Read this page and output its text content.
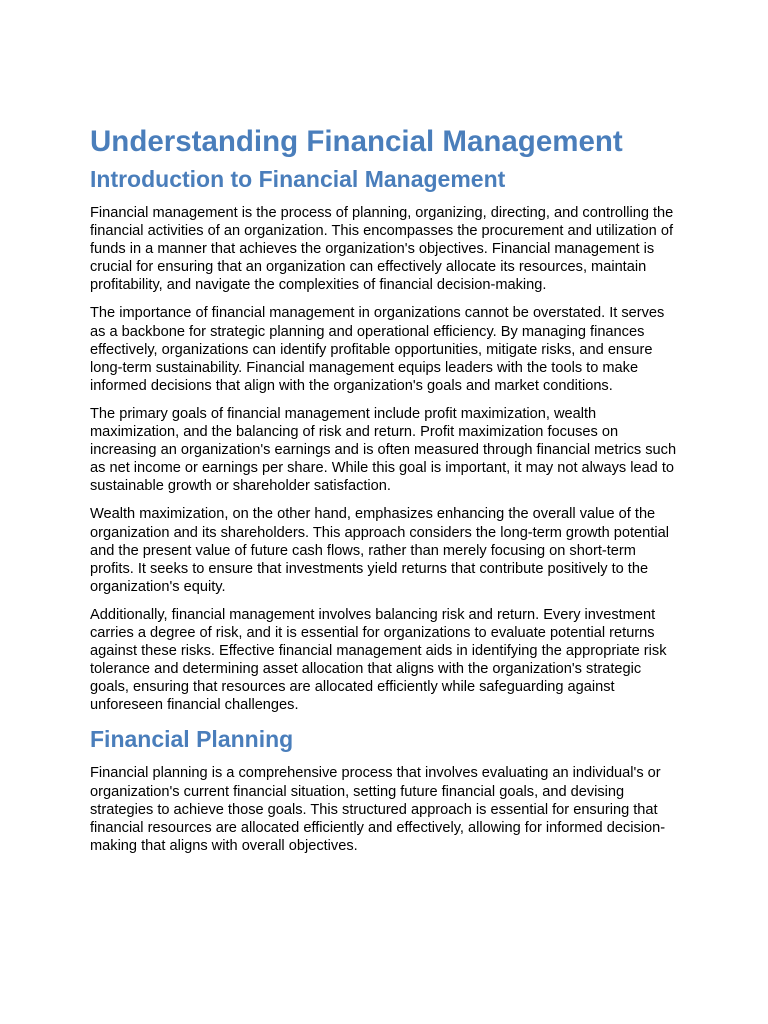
Understanding Financial Management
Introduction to Financial Management

Financial management is the process of planning, organizing, directing, and controlling the financial activities of an organization. This encompasses the procurement and utilization of funds in a manner that achieves the organization's objectives. Financial management is crucial for ensuring that an organization can effectively allocate its resources, maintain profitability, and navigate the complexities of financial decision-making.

The importance of financial management in organizations cannot be overstated. It serves as a backbone for strategic planning and operational efficiency. By managing finances effectively, organizations can identify profitable opportunities, mitigate risks, and ensure long-term sustainability. Financial management equips leaders with the tools to make informed decisions that align with the organization's goals and market conditions.

The primary goals of financial management include profit maximization, wealth maximization, and the balancing of risk and return. Profit maximization focuses on increasing an organization's earnings and is often measured through financial metrics such as net income or earnings per share. While this goal is important, it may not always lead to sustainable growth or shareholder satisfaction.

Wealth maximization, on the other hand, emphasizes enhancing the overall value of the organization and its shareholders. This approach considers the long-term growth potential and the present value of future cash flows, rather than merely focusing on short-term profits. It seeks to ensure that investments yield returns that contribute positively to the organization's equity.

Additionally, financial management involves balancing risk and return. Every investment carries a degree of risk, and it is essential for organizations to evaluate potential returns against these risks. Effective financial management aids in identifying the appropriate risk tolerance and determining asset allocation that aligns with the organization's strategic goals, ensuring that resources are allocated efficiently while safeguarding against unforeseen financial challenges.

Financial Planning

Financial planning is a comprehensive process that involves evaluating an individual's or organization's current financial situation, setting future financial goals, and devising strategies to achieve those goals. This structured approach is essential for ensuring that financial resources are allocated efficiently and effectively, allowing for informed decision-making that aligns with overall objectives.
